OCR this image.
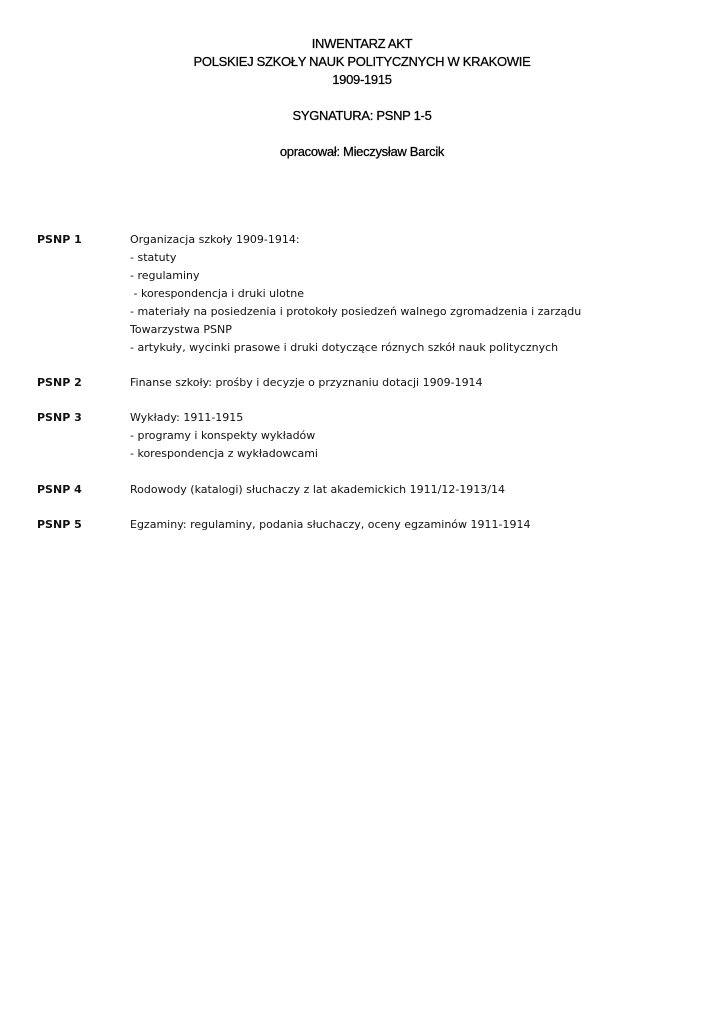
INWENTARZ AKT
POLSKIEJ SZKOŁY NAUK POLITYCZNYCH W KRAKOWIE
1909-1915
SYGNATURA: PSNP 1-5
opracował: Mieczysław Barcik
PSNP 1	Organizacja szkoły 1909-1914:
- statuty
- regulaminy
- korespondencja i druki ulotne
- materiały na posiedzenia i protokoły posiedzeń walnego zgromadzenia i zarządu
Towarzystwa PSNP
- artykuły, wycinki prasowe i druki dotyczące róznych szkół nauk politycznych
PSNP 2	Finanse szkoły: prośby i decyzje o przyznaniu dotacji 1909-1914
PSNP 3	Wykłady: 1911-1915
- programy i konspekty wykładów
- korespondencja z wykładowcami
PSNP 4	Rodowody (katalogi) słuchaczy z lat akademickich 1911/12-1913/14
PSNP 5	Egzaminy: regulaminy, podania słuchaczy, oceny egzaminów 1911-1914
